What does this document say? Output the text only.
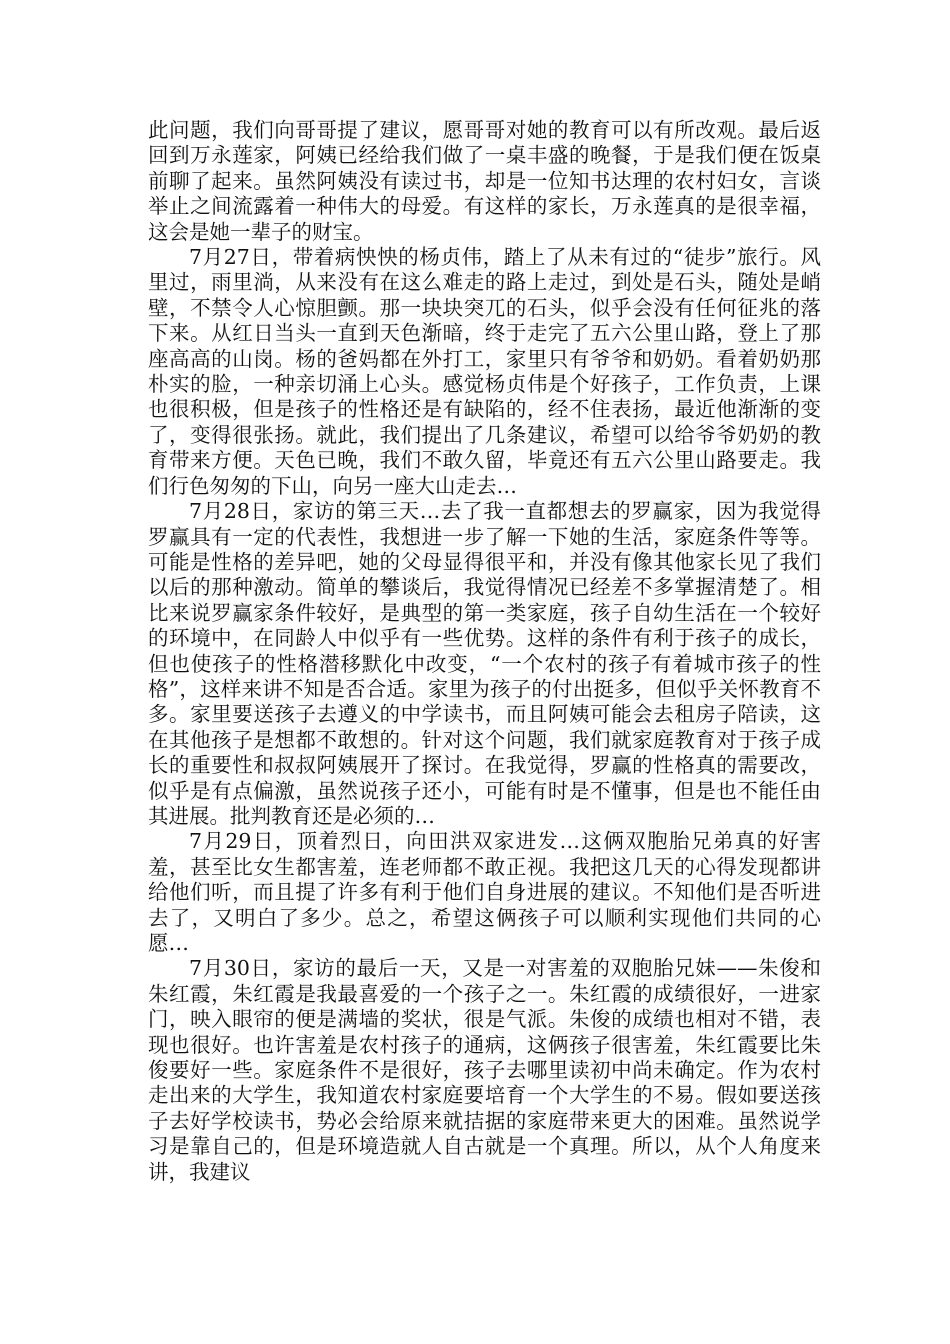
此问题，我们向哥哥提了建议，愿哥哥对她的教育可以有所改观。最后返回到万永莲家，阿姨已经给我们做了一桌丰盛的晚餐，于是我们便在饭桌前聊了起来。虽然阿姨没有读过书，却是一位知书达理的农村妇女，言谈举止之间流露着一种伟大的母爱。有这样的家长，万永莲真的是很幸福，这会是她一辈子的财宝。

7月27日，带着病怏怏的杨贞伟，踏上了从未有过的“徒步”旅行。风里过，雨里淌，从来没有在这么难走的路上走过，到处是石头，随处是峭壁，不禁令人心惊胆颤。那一块块突兀的石头，似乎会没有任何征兆的落下来。从红日当头一直到天色渐暗，终于走完了五六公里山路，登上了那座高高的山岗。杨的爸妈都在外打工，家里只有爷爷和奶奶。看着奶奶那朴实的脸，一种亲切涌上心头。感觉杨贞伟是个好孩子，工作负责，上课也很积极，但是孩子的性格还是有缺陷的，经不住表扬，最近他渐渐的变了，变得很张扬。就此，我们提出了几条建议，希望可以给爷爷奶奶的教育带来方便。天色已晚，我们不敢久留，毕竟还有五六公里山路要走。我们行色匆匆的下山，向另一座大山走去…

7月28日，家访的第三天…去了我一直都想去的罗赢家，因为我觉得罗赢具有一定的代表性，我想进一步了解一下她的生活，家庭条件等等。可能是性格的差异吧，她的父母显得很平和，并没有像其他家长见了我们以后的那种激动。简单的攀谈后，我觉得情况已经差不多掌握清楚了。相比来说罗赢家条件较好，是典型的第一类家庭，孩子自幼生活在一个较好的环境中，在同龄人中似乎有一些优势。这样的条件有利于孩子的成长，但也使孩子的性格潜移默化中改变，“一个农村的孩子有着城市孩子的性格”，这样来讲不知是否合适。家里为孩子的付出挺多，但似乎关怀教育不多。家里要送孩子去遵义的中学读书，而且阿姨可能会去租房子陪读，这在其他孩子是想都不敢想的。针对这个问题，我们就家庭教育对于孩子成长的重要性和叔叔阿姨展开了探讨。在我觉得，罗赢的性格真的需要改，似乎是有点偏激，虽然说孩子还小，可能有时是不懂事，但是也不能任由其进展。批判教育还是必须的…

7月29日，顶着烈日，向田洪双家进发…这俩双胞胎兄弟真的好害羞，甚至比女生都害羞，连老师都不敢正视。我把这几天的心得发现都讲给他们听，而且提了许多有利于他们自身进展的建议。不知他们是否听进去了，又明白了多少。总之，希望这俩孩子可以顺利实现他们共同的心愿…

7月30日，家访的最后一天，又是一对害羞的双胞胎兄妹——朱俊和朱红霞，朱红霞是我最喜爱的一个孩子之一。朱红霞的成绩很好，一进家门，映入眼帘的便是满墙的奖状，很是气派。朱俊的成绩也相对不错，表现也很好。也许害羞是农村孩子的通病，这俩孩子很害羞，朱红霞要比朱俊要好一些。家庭条件不是很好，孩子去哪里读初中尚未确定。作为农村走出来的大学生，我知道农村家庭要培育一个大学生的不易。假如要送孩子去好学校读书，势必会给原来就拮据的家庭带来更大的困难。虽然说学习是靠自己的，但是环境造就人自古就是一个真理。所以，从个人角度来讲，我建议
